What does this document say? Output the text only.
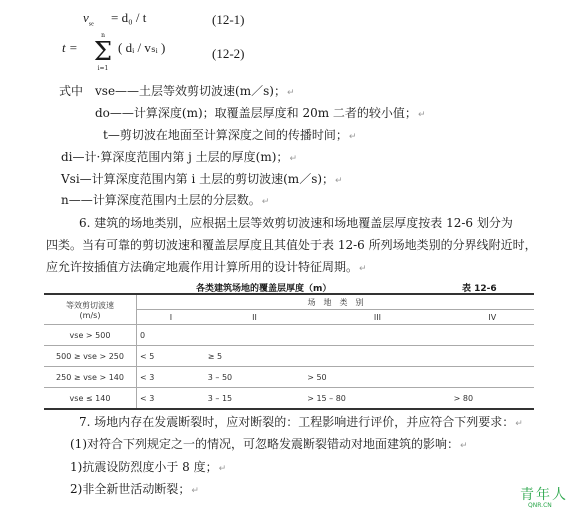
$v_{se} = d_0 / t$	(12-1)
t =
n
Σ
i=1
( dᵢ / vₛᵢ )	(12-2)
式中　vse——土层等效剪切波速(m／s)；↵
do——计算深度(m)；取覆盖层厚度和 20m 二者的较小值；↵
t—剪切波在地面至计算深度之间的传播时间；↵
di—计·算深度范围内第 j 土层的厚度(m)；↵
Vsi—计算深度范围内第 i 土层的剪切波速(m／s)；↵
n——计算深度范围内土层的分层数。↵
6. 建筑的场地类别，应根据土层等效剪切波速和场地覆盖层厚度按表 12-6 划分为
四类。当有可靠的剪切波速和覆盖层厚度且其值处于表 12-6 所列场地类别的分界线附近时，
应允许按插值方法确定地震作用计算所用的设计特征周期。↵
各类建筑场地的覆盖层厚度（m）	表 12-6
等效剪切波速
(m/s)	场　地　类　别			
	I	II	III	IV
vse > 500	0			
500 ≥ vse > 250	< 5	≥ 5		
250 ≥ vse > 140	< 3	3 – 50	> 50	
vse ≤ 140	< 3	3 – 15	> 15 – 80	> 80
7. 场地内存在发震断裂时，应对断裂的：工程影响进行评价，并应符合下列要求：↵
(1)对符合下列规定之一的情况，可忽略发震断裂错动对地面建筑的影响：↵
1)抗震设防烈度小于 8 度；↵
2)非全新世活动断裂；↵	青年人
QNR.CN
